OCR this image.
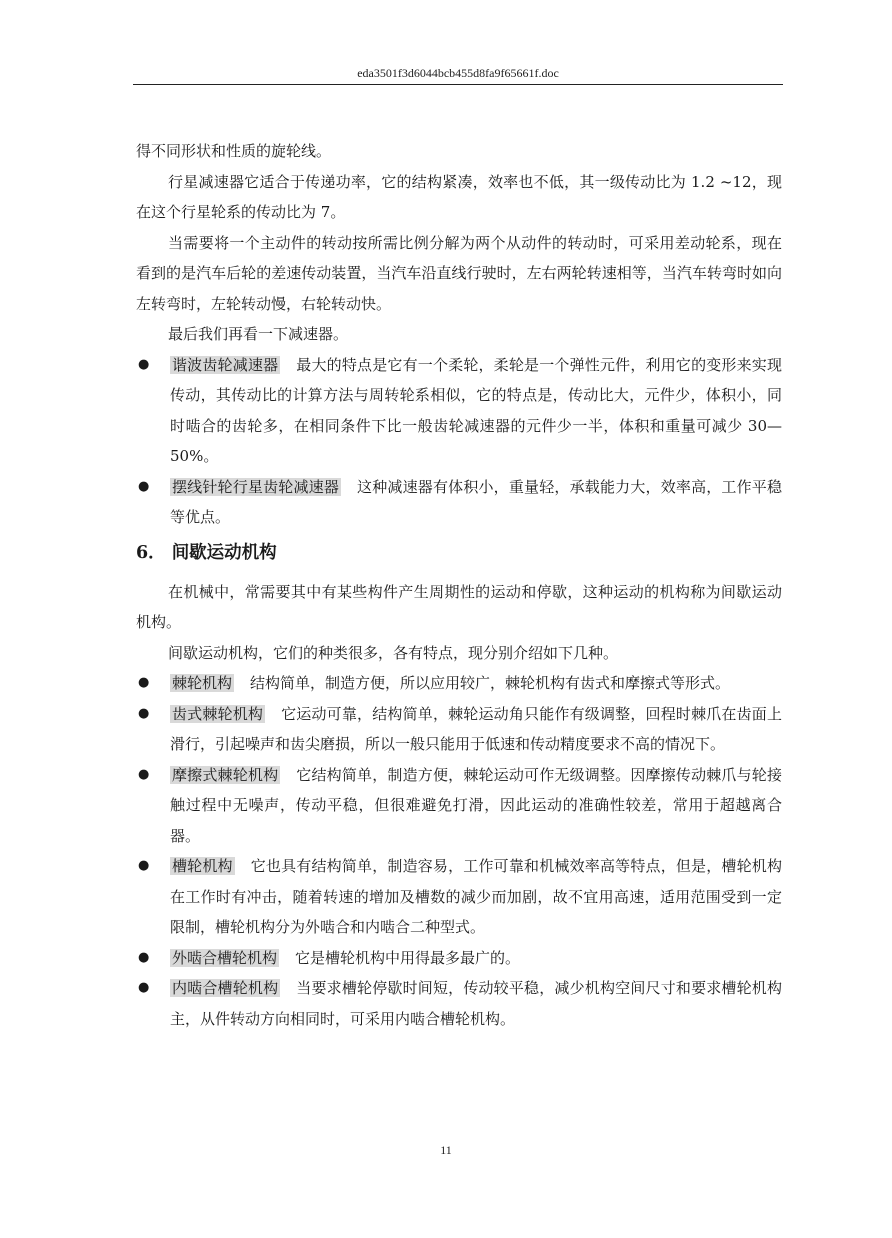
eda3501f3d6044bcb455d8fa9f65661f.doc

得不同形状和性质的旋轮线。

行星减速器它适合于传递功率，它的结构紧凑，效率也不低，其一级传动比为 1.2 ~12，现在这个行星轮系的传动比为 7。

当需要将一个主动件的转动按所需比例分解为两个从动件的转动时，可采用差动轮系，现在看到的是汽车后轮的差速传动装置，当汽车沿直线行驶时，左右两轮转速相等，当汽车转弯时如向左转弯时，左轮转动慢，右轮转动快。

最后我们再看一下减速器。

● 谐波齿轮减速器 最大的特点是它有一个柔轮，柔轮是一个弹性元件，利用它的变形来实现传动，其传动比的计算方法与周转轮系相似，它的特点是，传动比大，元件少，体积小，同时啮合的齿轮多，在相同条件下比一般齿轮减速器的元件少一半，体积和重量可减少 30—50%。
● 摆线针轮行星齿轮减速器 这种减速器有体积小，重量轻，承载能力大，效率高，工作平稳等优点。
6． 间歇运动机构

在机械中，常需要其中有某些构件产生周期性的运动和停歇，这种运动的机构称为间歇运动机构。

间歇运动机构，它们的种类很多，各有特点，现分别介绍如下几种。

● 棘轮机构 结构简单，制造方便，所以应用较广，棘轮机构有齿式和摩擦式等形式。
● 齿式棘轮机构 它运动可靠，结构简单，棘轮运动角只能作有级调整，回程时棘爪在齿面上滑行，引起噪声和齿尖磨损，所以一般只能用于低速和传动精度要求不高的情况下。
● 摩擦式棘轮机构 它结构简单，制造方便，棘轮运动可作无级调整。因摩擦传动棘爪与轮接触过程中无噪声，传动平稳，但很难避免打滑，因此运动的准确性较差，常用于超越离合器。
● 槽轮机构 它也具有结构简单，制造容易，工作可靠和机械效率高等特点，但是，槽轮机构在工作时有冲击，随着转速的增加及槽数的减少而加剧，故不宜用高速，适用范围受到一定限制，槽轮机构分为外啮合和内啮合二种型式。
● 外啮合槽轮机构 它是槽轮机构中用得最多最广的。
● 内啮合槽轮机构 当要求槽轮停歇时间短，传动较平稳，减少机构空间尺寸和要求槽轮机构主，从件转动方向相同时，可采用内啮合槽轮机构。
11
